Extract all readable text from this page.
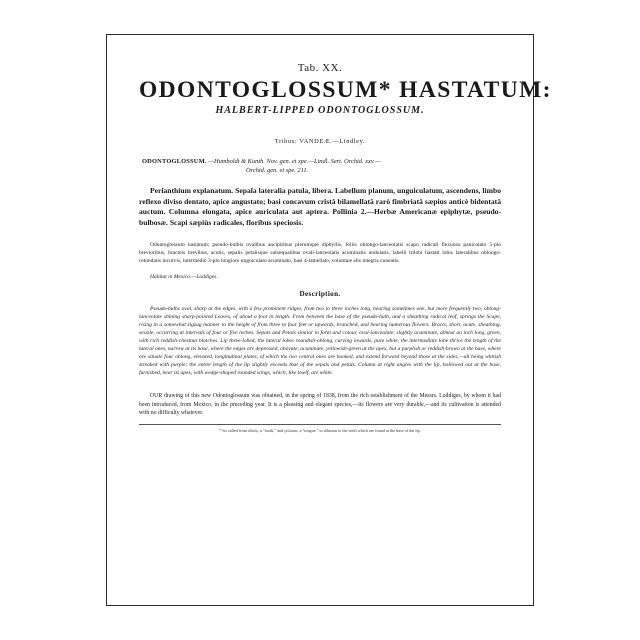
Tab. XX.
ODONTOGLOSSUM* HASTATUM:
HALBERT-LIPPED ODONTOGLOSSUM.
Tribus: VANDEÆ.—Lindley.
ODONTOGLOSSUM. —Humboldt & Kunth. Nov. gen. et spe.—Lindl. Sert. Orchid. xxv.—
Orchid. gen. et spe. 211.

Perianthium explanatum. Sepala lateralia patula, libera. Labellum planum, unguiculatum, ascendens, limbo reflexo diviso dentato, apice angustato; basi concavum cristâ bilamellatâ rarò fimbriatâ sæpius anticè bidentatâ auctum. Columna elongata, apice auriculata aut aptera. Pollinia 2.—Herbæ Americanæ epiphytæ, pseudo-bulbosæ. Scapi sæpiùs radicales, floribus speciosis.

Odontoglossum hastatum; pseudo-bulbis ovalibus ancipitibus plerumquè diphyllis, foliis oblongo-lanceolatis scapo radicali flexuoso paniculato 5-plo brevioribus, bracteis brevibus, acutis, sepalis petalisque subæqualibus ovali-lanceolatis acuminatis undulatis, labelli trilobi hastati lobis lateralibus oblongo-rotundatis incurvis, intermedio 3-plo longiore unguiculato acuminato, basi 4-lamellato, columnæ alis integris cuneatis.

Habitat in Mexico.—Loddiges.
Description.

Pseudo-bulbs oval, sharp at the edges, with a few prominent ridges, from two to three inches long, bearing sometimes one, but more frequently two, oblong-lanceolate shining sharp-pointed Leaves, of about a foot in length. From between the base of the pseudo-bulb, and a sheathing radical leaf, springs the Scape, rising in a somewhat zigzag manner to the height of from three to four feet or upwards, branched, and bearing numerous flowers. Bracts, short, acute, sheathing, sessile, occurring at intervals of four or five inches. Sepals and Petals similar in form and colour, oval-lanceolate, slightly acuminate, almost an inch long, green, with rich reddish-chestnut blotches. Lip three-lobed, the lateral lobes roundish-oblong, curving inwards, pure white, the intermediate lobe thrice the length of the lateral ones, narrow at its base, where the edges are depressed, obovate, acuminate, yellowish-green at the apex, but a purplish or reddish-brown at the base, where are situate four oblong, elevated, longitudinal plates, of which the two central ones are hooked, and extend forward beyond those at the sides,—all being whitish streaked with purple; the entire length of the lip slightly exceeds that of the sepals and petals. Column at right angles with the lip, hollowed out at the base, furnished, near its apex, with wedge-shaped rounded wings, which, like itself, are white.

OUR drawing of this new Odontoglossum was obtained, in the spring of 1838, from the rich establishment of the Messrs. Loddiges, by whom it had been introduced, from Mexico, in the preceding year. It is a pleasing and elegant species,—its flowers are very durable,—and its cultivation is attended with no difficulty whatever.

* So called from ὀδούς, a "tooth," and γλῶσσα, a "tongue," in allusion to the teeth which are found at the base of the lip.
